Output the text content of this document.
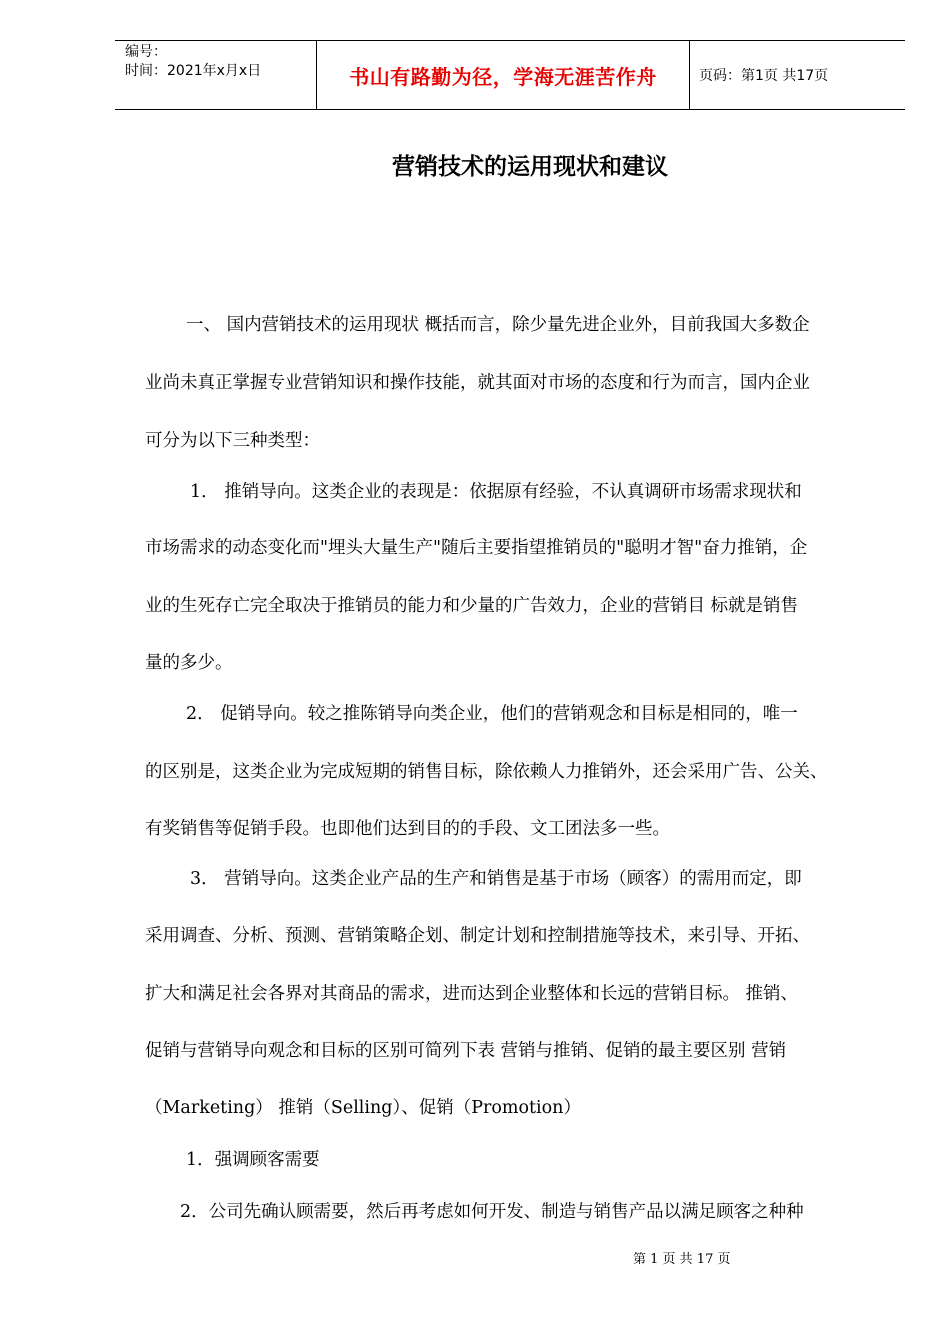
编号：
时间：2021年x月x日	书山有路勤为径，学海无涯苦作舟	页码：第1页 共17页
营销技术的运用现状和建议
一、 国内营销技术的运用现状 概括而言，除少量先进企业外，目前我国大多数企
业尚未真正掌握专业营销知识和操作技能，就其面对市场的态度和行为而言，国内企业
可分为以下三种类型：
1． 推销导向。这类企业的表现是：依据原有经验，不认真调研市场需求现状和
市场需求的动态变化而"埋头大量生产"随后主要指望推销员的"聪明才智"奋力推销，企
业的生死存亡完全取决于推销员的能力和少量的广告效力，企业的营销目 标就是销售
量的多少。
2． 促销导向。较之推陈销导向类企业，他们的营销观念和目标是相同的，唯一
的区别是，这类企业为完成短期的销售目标，除依赖人力推销外，还会采用广告、公关、
有奖销售等促销手段。也即他们达到目的的手段、文工团法多一些。
3． 营销导向。这类企业产品的生产和销售是基于市场（顾客）的需用而定，即
采用调查、分析、预测、营销策略企划、制定计划和控制措施等技术，来引导、开拓、
扩大和满足社会各界对其商品的需求，进而达到企业整体和长远的营销目标。 推销、
促销与营销导向观念和目标的区别可简列下表 营销与推销、促销的最主要区别 营销
（Marketing） 推销（Selling）、促销（Promotion）
1．强调顾客需要
2．公司先确认顾需要，然后再考虑如何开发、制造与销售产品以满足顾客之种种
第 1 页 共 17 页
